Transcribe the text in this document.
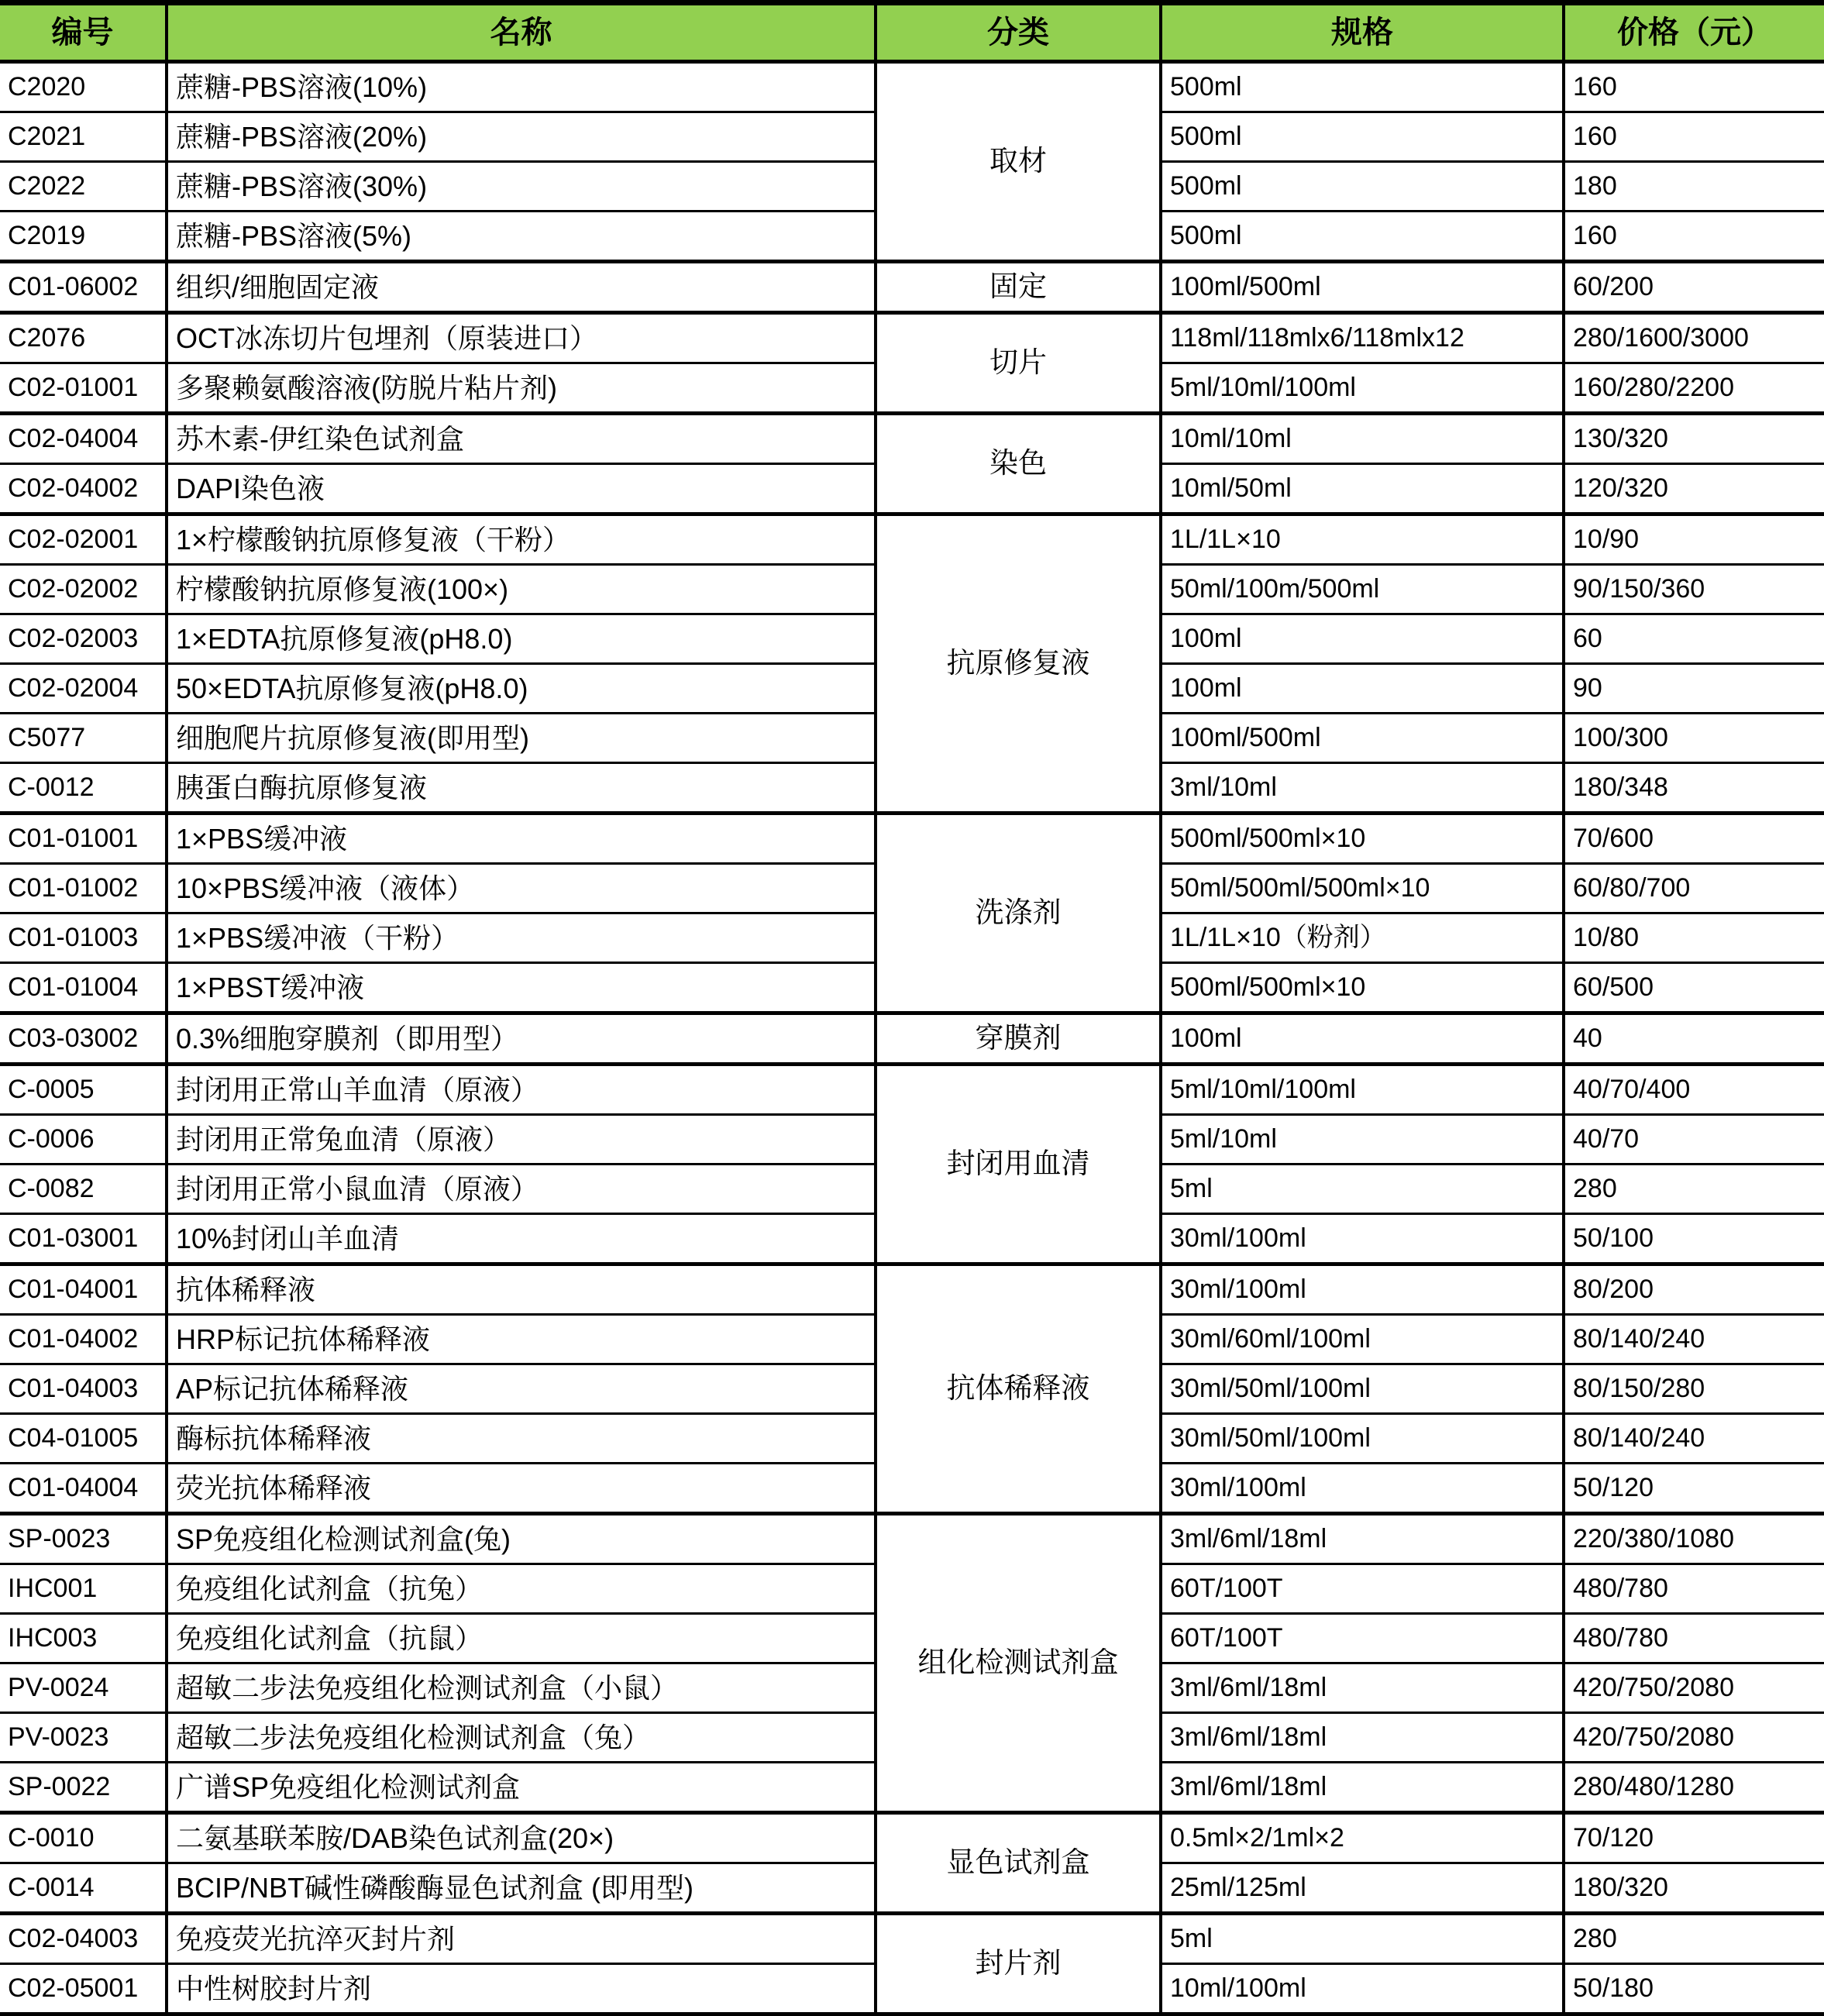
编号	名称	分类	规格	价格（元）
C2020	蔗糖-PBS溶液(10%)	取材	500ml	160
C2021	蔗糖-PBS溶液(20%)		500ml	160
C2022	蔗糖-PBS溶液(30%)		500ml	180
C2019	蔗糖-PBS溶液(5%)		500ml	160
C01-06002	组织/细胞固定液	固定	100ml/500ml	60/200
C2076	OCT冰冻切片包埋剂（原装进口）	切片	118ml/118mlx6/118mlx12	280/1600/3000
C02-01001	多聚赖氨酸溶液(防脱片粘片剂)		5ml/10ml/100ml	160/280/2200
C02-04004	苏木素-伊红染色试剂盒	染色	10ml/10ml	130/320
C02-04002	DAPI染色液		10ml/50ml	120/320
C02-02001	1×柠檬酸钠抗原修复液（干粉）	抗原修复液	1L/1L×10	10/90
C02-02002	柠檬酸钠抗原修复液(100×)		50ml/100m/500ml	90/150/360
C02-02003	1×EDTA抗原修复液(pH8.0)		100ml	60
C02-02004	50×EDTA抗原修复液(pH8.0)		100ml	90
C5077	细胞爬片抗原修复液(即用型)		100ml/500ml	100/300
C-0012	胰蛋白酶抗原修复液		3ml/10ml	180/348
C01-01001	1×PBS缓冲液	洗涤剂	500ml/500ml×10	70/600
C01-01002	10×PBS缓冲液（液体）		50ml/500ml/500ml×10	60/80/700
C01-01003	1×PBS缓冲液（干粉）		1L/1L×10（粉剂）	10/80
C01-01004	1×PBST缓冲液		500ml/500ml×10	60/500
C03-03002	0.3%细胞穿膜剂（即用型）	穿膜剂	100ml	40
C-0005	封闭用正常山羊血清（原液）	封闭用血清	5ml/10ml/100ml	40/70/400
C-0006	封闭用正常兔血清（原液）		5ml/10ml	40/70
C-0082	封闭用正常小鼠血清（原液）		5ml	280
C01-03001	10%封闭山羊血清		30ml/100ml	50/100
C01-04001	抗体稀释液	抗体稀释液	30ml/100ml	80/200
C01-04002	HRP标记抗体稀释液		30ml/60ml/100ml	80/140/240
C01-04003	AP标记抗体稀释液		30ml/50ml/100ml	80/150/280
C04-01005	酶标抗体稀释液		30ml/50ml/100ml	80/140/240
C01-04004	荧光抗体稀释液		30ml/100ml	50/120
SP-0023	SP免疫组化检测试剂盒(兔)	组化检测试剂盒	3ml/6ml/18ml	220/380/1080
IHC001	免疫组化试剂盒（抗兔）		60T/100T	480/780
IHC003	免疫组化试剂盒（抗鼠）		60T/100T	480/780
PV-0024	超敏二步法免疫组化检测试剂盒（小鼠）		3ml/6ml/18ml	420/750/2080
PV-0023	超敏二步法免疫组化检测试剂盒（兔）		3ml/6ml/18ml	420/750/2080
SP-0022	广谱SP免疫组化检测试剂盒		3ml/6ml/18ml	280/480/1280
C-0010	二氨基联苯胺/DAB染色试剂盒(20×)	显色试剂盒	0.5ml×2/1ml×2	70/120
C-0014	BCIP/NBT碱性磷酸酶显色试剂盒 (即用型)		25ml/125ml	180/320
C02-04003	免疫荧光抗淬灭封片剂	封片剂	5ml	280
C02-05001	中性树胶封片剂		10ml/100ml	50/180
